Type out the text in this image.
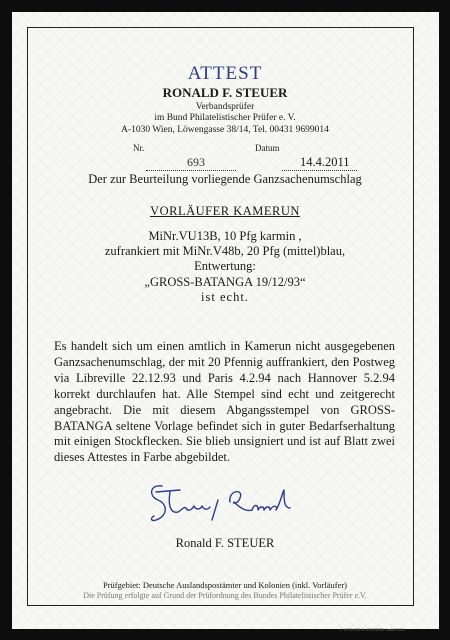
ATTEST
RONALD F. STEUER
Verbandsprüfer
im Bund Philatelistischer Prüfer e. V.
A-1030 Wien, Löwengasse 38/14, Tel. 00431 9699014
Nr.
693
Datum
14.4.2011
Der zur Beurteilung vorliegende Ganzsachenumschlag
VORLÄUFER KAMERUN
MiNr.VU13B, 10 Pfg karmin ,
zufrankiert mit MiNr.V48b, 20 Pfg (mittel)blau,
Entwertung:
„GROSS-BATANGA 19/12/93“
ist echt.
Es handelt sich um einen amtlich in Kamerun nicht ausgegebenen Ganzsachenumschlag, der mit 20 Pfennig auffrankiert, den Postweg via Libreville 22.12.93 und Paris 4.2.94 nach Hannover 5.2.94 korrekt durchlaufen hat. Alle Stempel sind echt und zeitgerecht angebracht. Die mit diesem Abgangsstempel von GROSS-BATANGA seltene Vorlage befindet sich in guter Bedarfserhaltung mit einigen Stockflecken. Sie blieb unsigniert und ist auf Blatt zwei dieses Attestes in Farbe abgebildet.
Ronald F. STEUER
Prüfgebiet: Deutsche Auslandspostämter und Kolonien (inkl. Vorläufer)
Die Prüfung erfolgte auf Grund der Prüfordnung des Bundes Philatelistischer Prüfer e.V.
© SCHAUB & SCHOBER GmbH 2004
